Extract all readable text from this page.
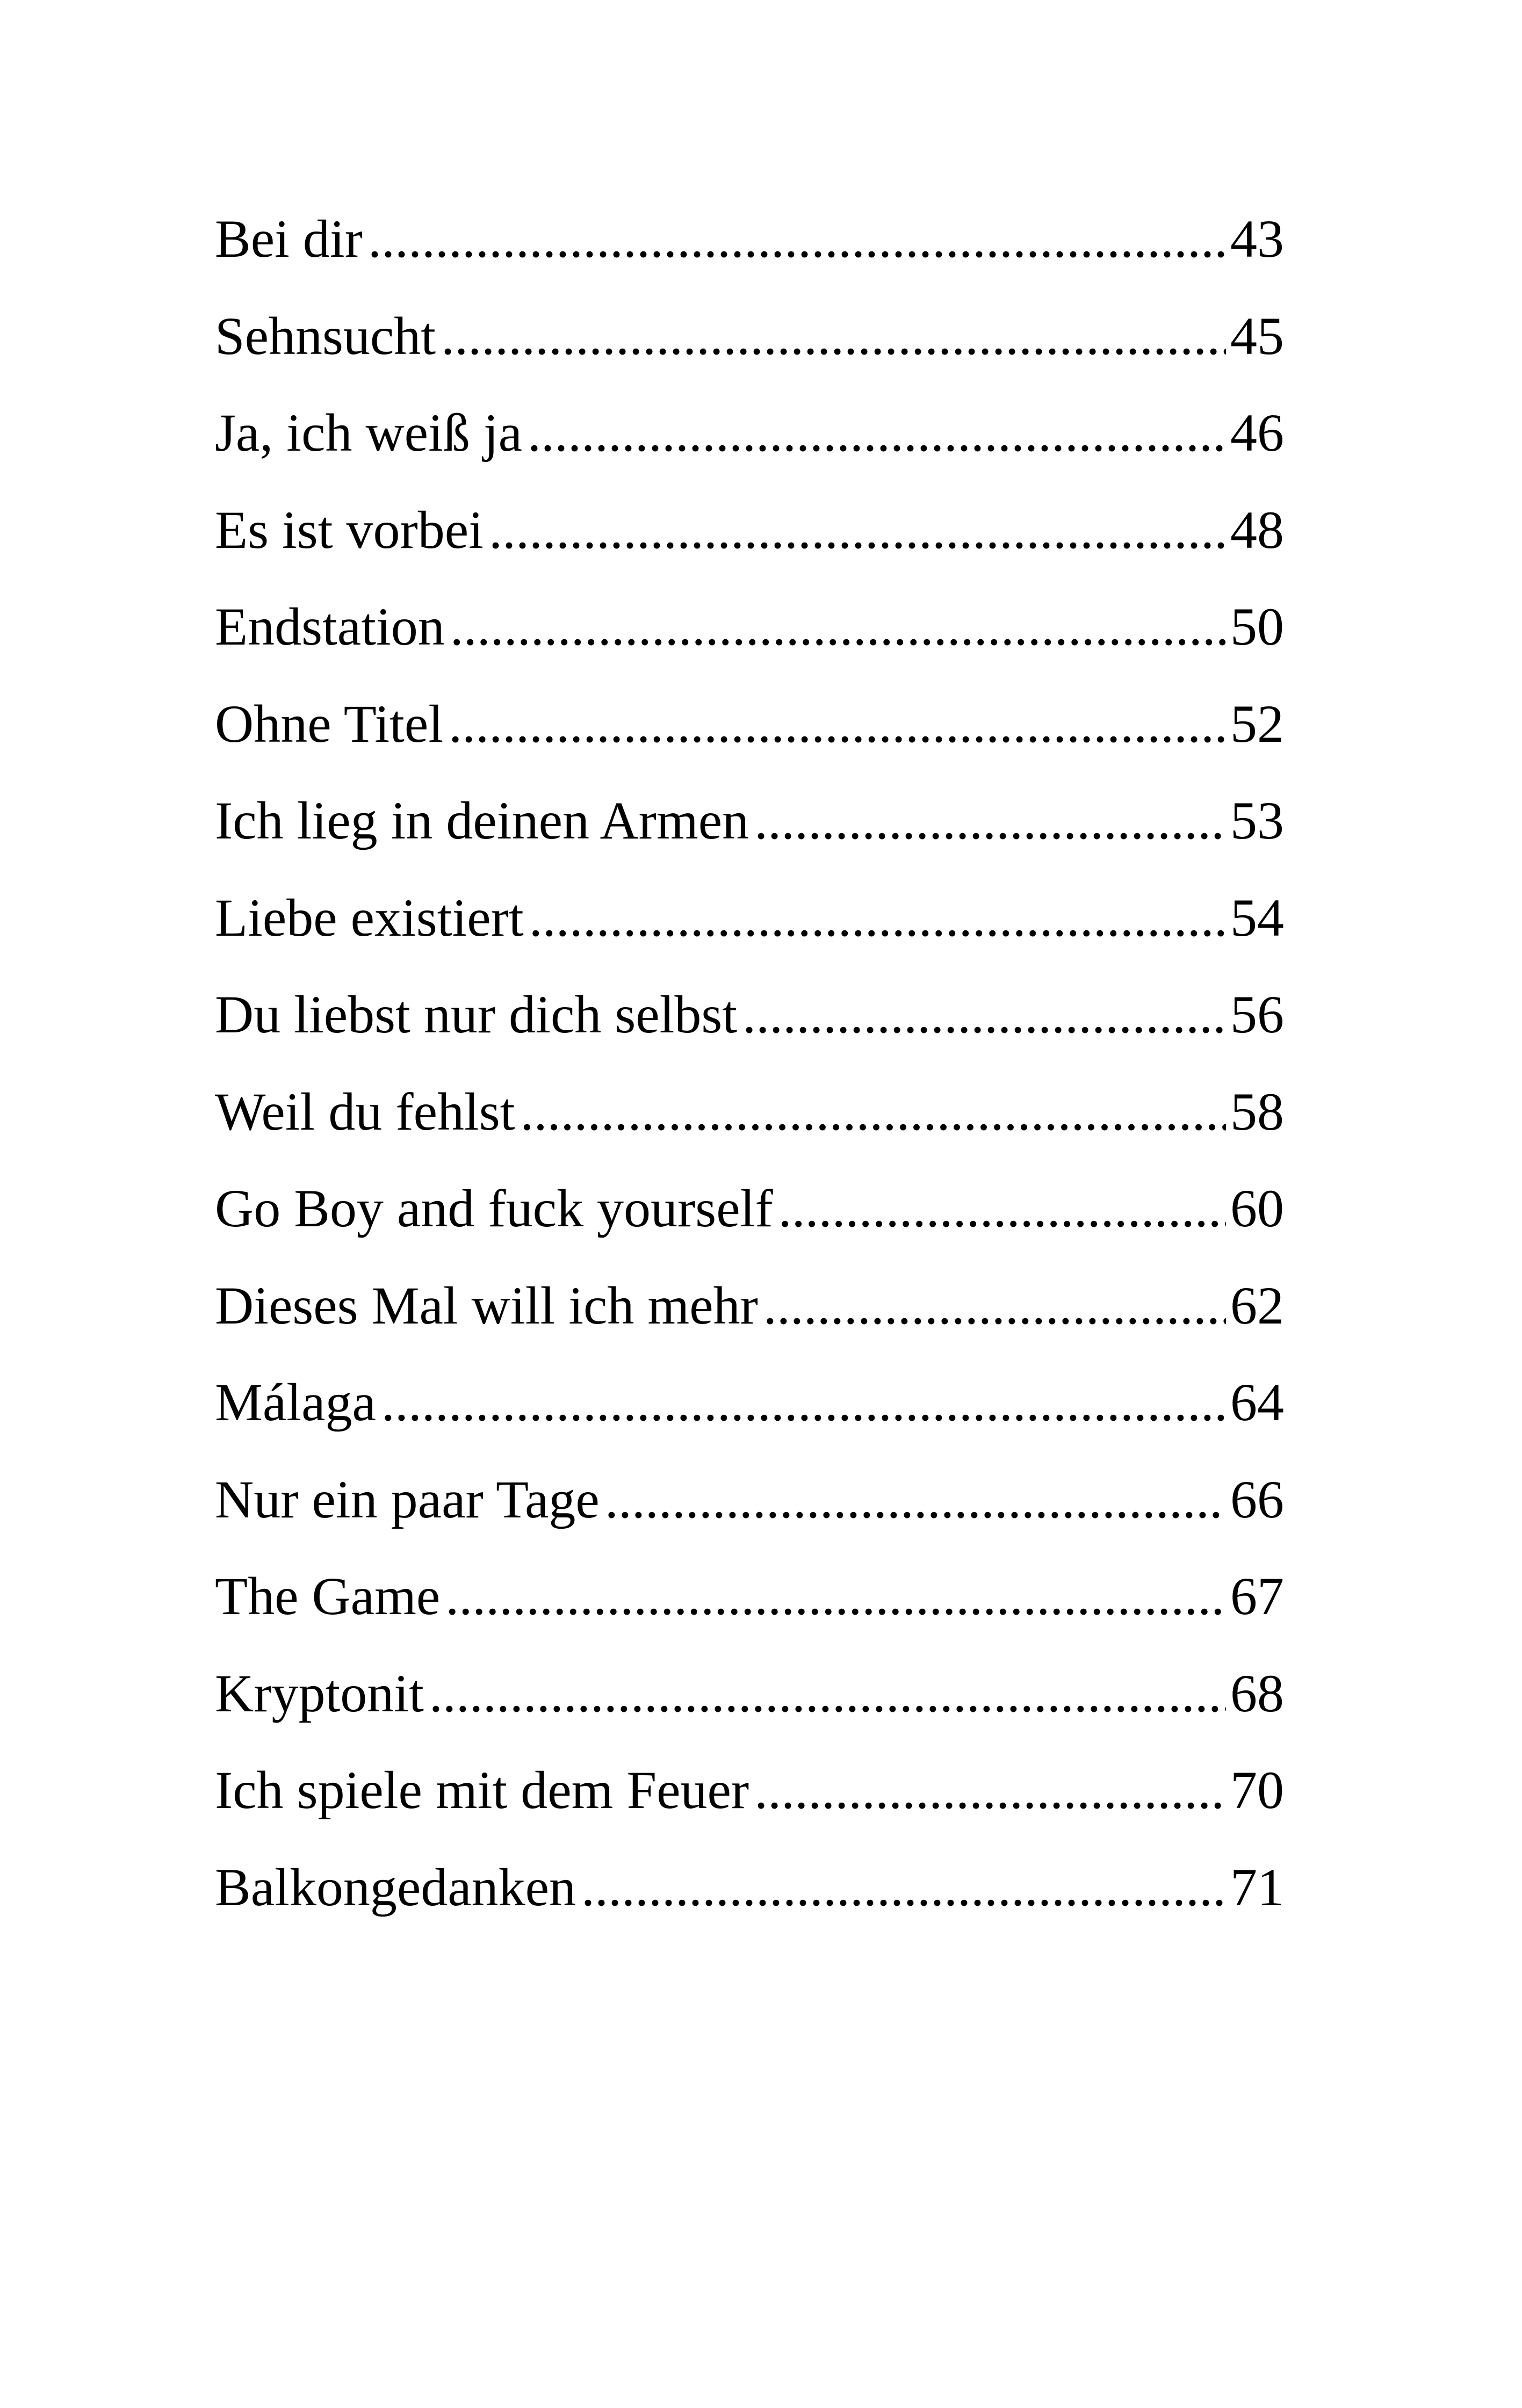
Bei dir .....	43
Sehnsucht .....	45
Ja, ich weiß ja .....	46
Es ist vorbei .....	48
Endstation .....	50
Ohne Titel .....	52
Ich lieg in deinen Armen .....	53
Liebe existiert .....	54
Du liebst nur dich selbst .....	56
Weil du fehlst .....	58
Go Boy and fuck yourself .....	60
Dieses Mal will ich mehr .....	62
Málaga .....	64
Nur ein paar Tage .....	66
The Game .....	67
Kryptonit .....	68
Ich spiele mit dem Feuer .....	70
Balkongedanken .....	71
